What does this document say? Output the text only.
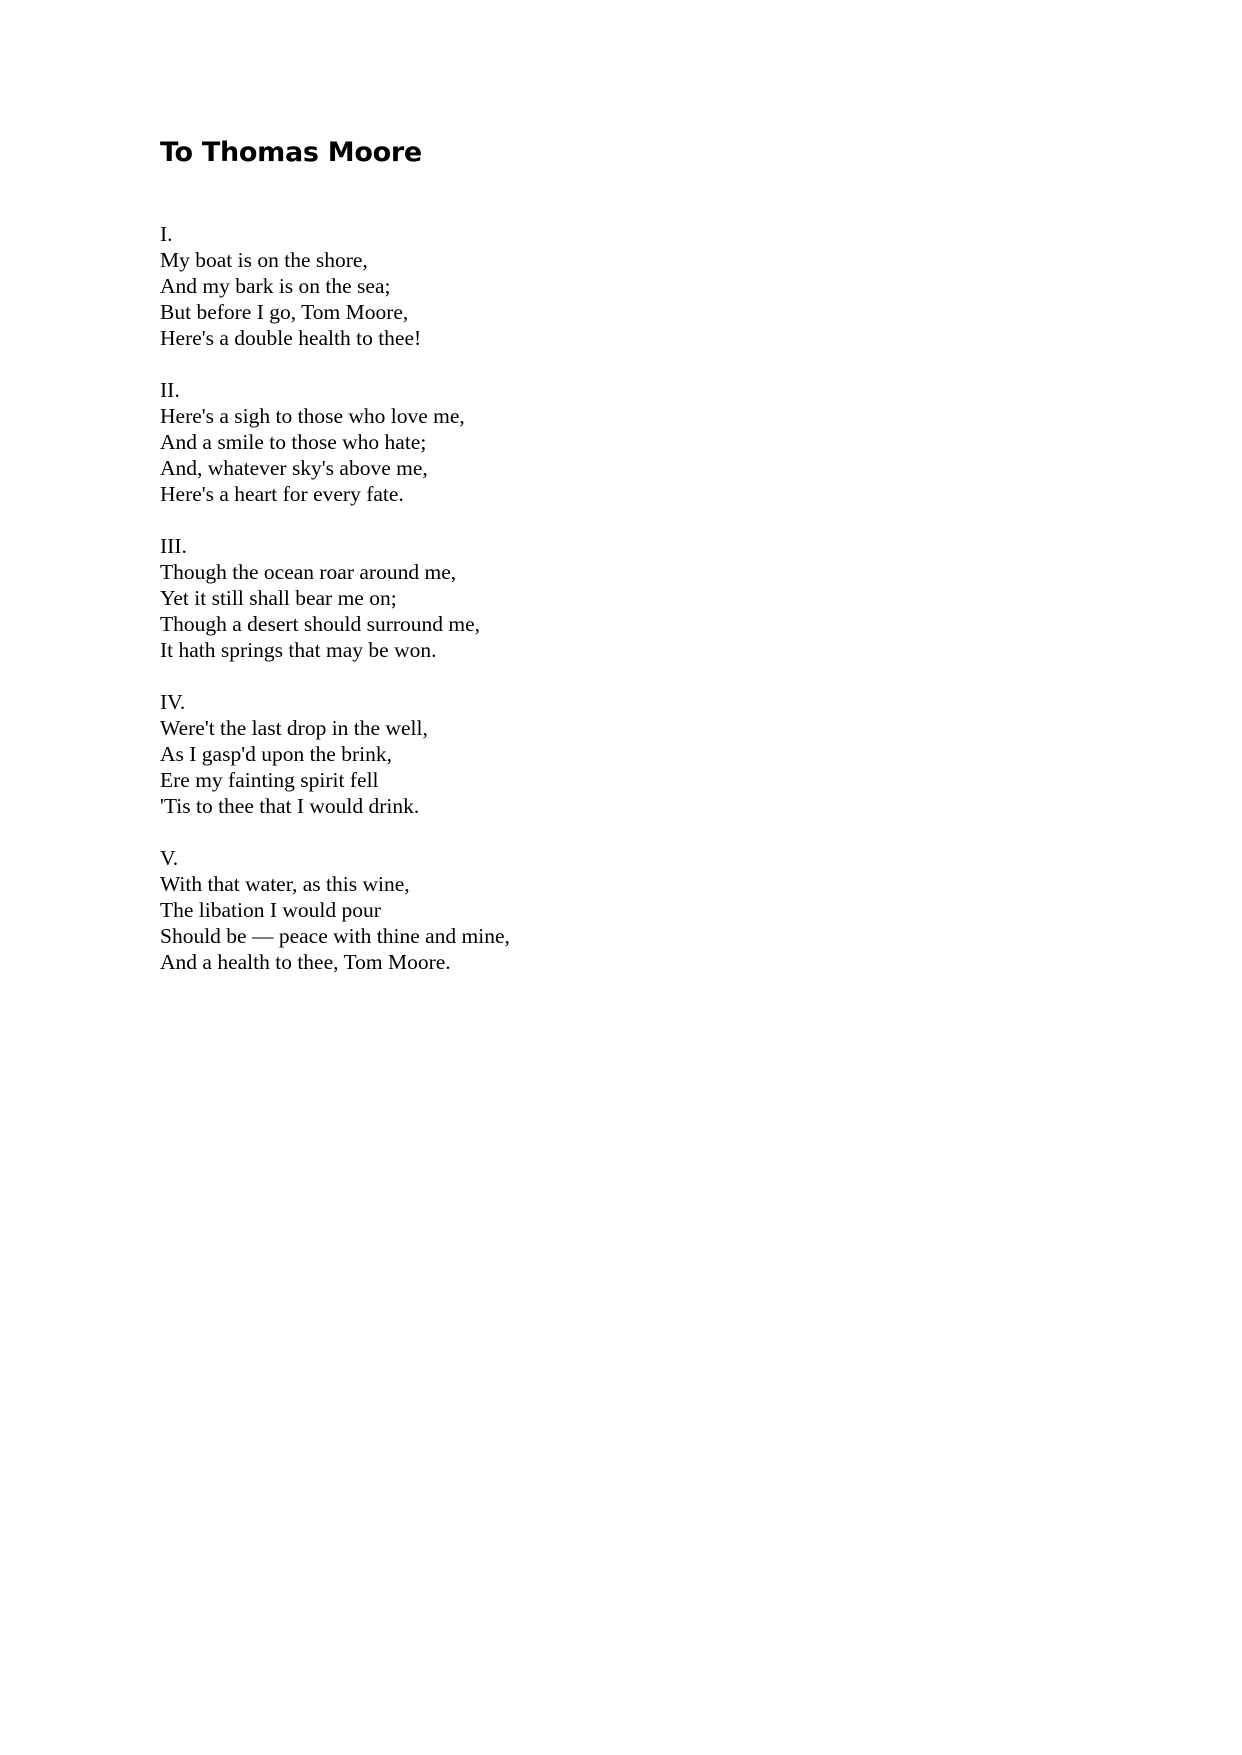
To Thomas Moore
I.
My boat is on the shore,
And my bark is on the sea;
But before I go, Tom Moore,
Here's a double health to thee!
II.
Here's a sigh to those who love me,
And a smile to those who hate;
And, whatever sky's above me,
Here's a heart for every fate.
III.
Though the ocean roar around me,
Yet it still shall bear me on;
Though a desert should surround me,
It hath springs that may be won.
IV.
Were't the last drop in the well,
As I gasp'd upon the brink,
Ere my fainting spirit fell
'Tis to thee that I would drink.
V.
With that water, as this wine,
The libation I would pour
Should be — peace with thine and mine,
And a health to thee, Tom Moore.
